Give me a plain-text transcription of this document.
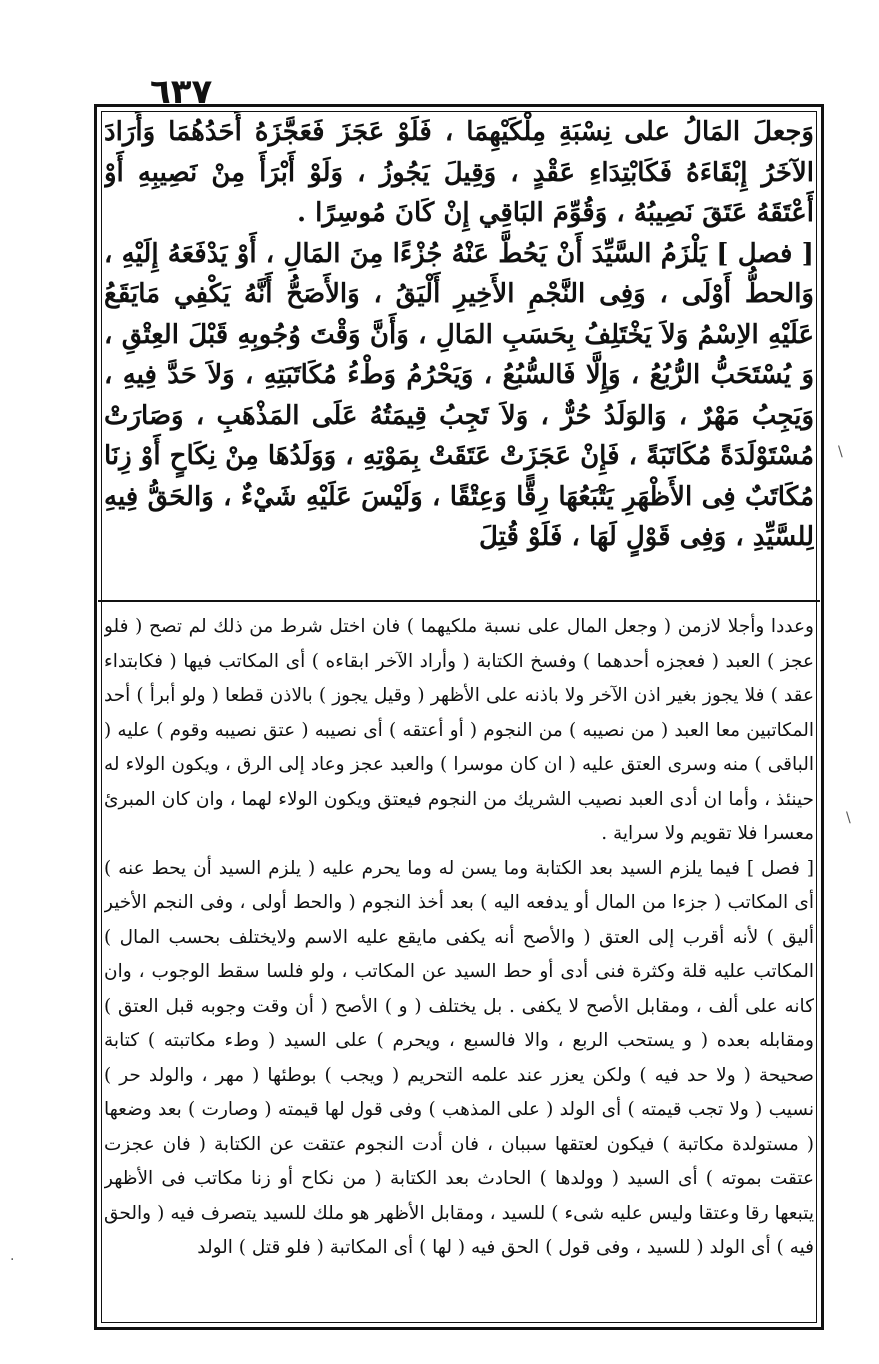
٦٣٧

وَجعلَ المَالُ على نِسْبَةِ مِلْكَيْهِمَا ، فَلَوْ عَجَزَ فَعَجَّزَهُ أَحَدُهُمَا وَأَرَادَ الآخَرُ إِبْقَاءَهُ فَكَابْتِدَاءِ عَقْدٍ ، وَقِيلَ يَجُوزُ ، وَلَوْ أَبْرَأَ مِنْ نَصِيبِهِ أَوْ أَعْتَقَهُ عَتَقَ نَصِيبُهُ ، وَقُوِّمَ البَاقِي إِنْ كَانَ مُوسِرًا .

[ فصل ] يَلْزَمُ السَّيِّدَ أَنْ يَحُطَّ عَنْهُ جُزْءًا مِنَ المَالِ ، أَوْ يَدْفَعَهُ إِلَيْهِ ، وَالحطُّ أَوْلَى ، وَفِى النَّجْمِ الأَخِيرِ أَلْيَقُ ، وَالأَصَحُّ أَنَّهُ يَكْفِي مَايَقَعُ عَلَيْهِ الاِسْمُ وَلاَ يَخْتَلِفُ بِحَسَبِ المَالِ ، وَأَنَّ وَقْتَ وُجُوبِهِ قَبْلَ العِتْقِ ، وَ يُسْتَحَبُّ الرُّبُعُ ، وَإِلَّا فَالسُّبُعُ ، وَيَحْرُمُ وَطْءُ مُكَاتَبَتِهِ ، وَلاَ حَدَّ فِيهِ ، وَيَجِبُ مَهْرٌ ، وَالوَلَدُ حُرٌّ ، وَلاَ تَجِبُ قِيمَتُهُ عَلَى المَذْهَبِ ، وَصَارَتْ مُسْتَوْلَدَةً مُكَاتَبَةً ، فَإِنْ عَجَزَتْ عَتَقَتْ بِمَوْتِهِ ، وَوَلَدُهَا مِنْ نِكَاحٍ أَوْ زِنَا مُكَاتَبٌ فِى الأَظْهَرِ يَتْبَعُهَا رِقًّا وَعِتْقًا ، وَلَيْسَ عَلَيْهِ شَيْءٌ ، وَالحَقُّ فِيهِ لِلسَّيِّدِ ، وَفِى قَوْلٍ لَهَا ، فَلَوْ قُتِلَ

وعددا وأجلا لازمن ( وجعل المال على نسبة ملكيهما ) فان اختل شرط من ذلك لم تصح ( فلو عجز ) العبد ( فعجزه أحدهما ) وفسخ الكتابة ( وأراد الآخر ابقاءه ) أى المكاتب فيها ( فكابتداء عقد ) فلا يجوز بغير اذن الآخر ولا باذنه على الأظهر ( وقيل يجوز ) بالاذن قطعا ( ولو أبرأ ) أحد المكاتبين معا العبد ( من نصيبه ) من النجوم ( أو أعتقه ) أى نصيبه ( عتق نصيبه وقوم ) عليه ( الباقى ) منه وسرى العتق عليه ( ان كان موسرا ) والعبد عجز وعاد إلى الرق ، ويكون الولاء له حينئذ ، وأما ان أدى العبد نصيب الشريك من النجوم فيعتق ويكون الولاء لهما ، وان كان المبرئ معسرا فلا تقويم ولا سراية .

[ فصل ] فيما يلزم السيد بعد الكتابة وما يسن له وما يحرم عليه ( يلزم السيد أن يحط عنه ) أى المكاتب ( جزءا من المال أو يدفعه اليه ) بعد أخذ النجوم ( والحط أولى ، وفى النجم الأخير أليق ) لأنه أقرب إلى العتق ( والأصح أنه يكفى مايقع عليه الاسم ولايختلف بحسب المال ) المكاتب عليه قلة وكثرة فنى أدى أو حط السيد عن المكاتب ، ولو فلسا سقط الوجوب ، وان كانه على ألف ، ومقابل الأصح لا يكفى . بل يختلف ( و ) الأصح ( أن وقت وجوبه قبل العتق ) ومقابله بعده ( و يستحب الربع ، والا فالسبع ، ويحرم ) على السيد ( وطء مكاتبته ) كتابة صحيحة ( ولا حد فيه ) ولكن يعزر عند علمه التحريم ( ويجب ) بوطئها ( مهر ، والولد حر ) نسيب ( ولا تجب قيمته ) أى الولد ( على المذهب ) وفى قول لها قيمته ( وصارت ) بعد وضعها ( مستولدة مكاتبة ) فيكون لعتقها سببان ، فان أدت النجوم عتقت عن الكتابة ( فان عجزت عتقت بموته ) أى السيد ( وولدها ) الحادث بعد الكتابة ( من نكاح أو زنا مكاتب فى الأظهر يتبعها رقا وعتقا وليس عليه شىء ) للسيد ، ومقابل الأظهر هو ملك للسيد يتصرف فيه ( والحق فيه ) أى الولد ( للسيد ، وفى قول ) الحق فيه ( لها ) أى المكاتبة ( فلو قتل ) الولد

\
\
·
